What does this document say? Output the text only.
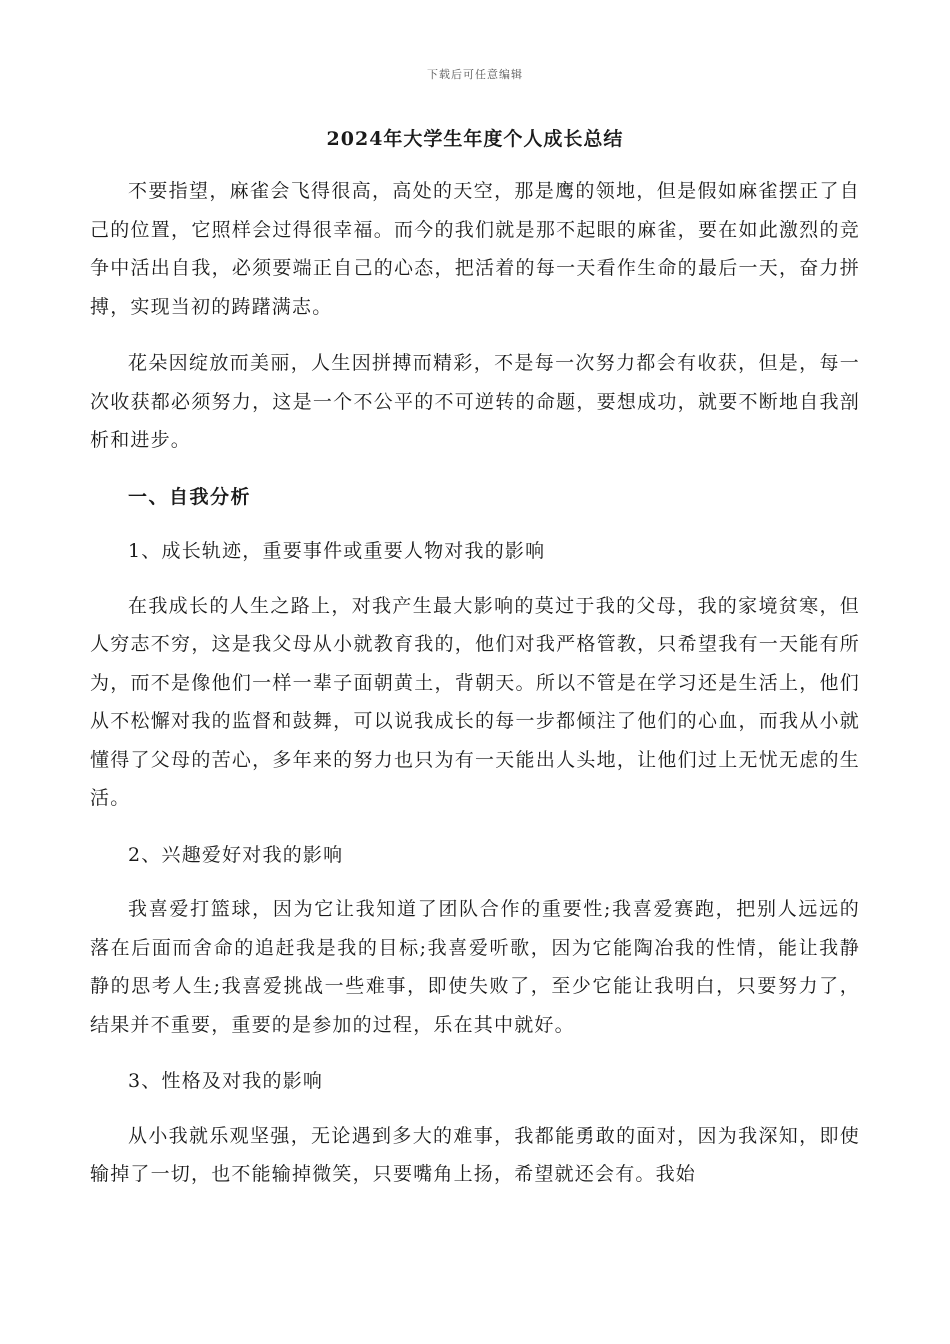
下载后可任意编辑
2024年大学生年度个人成长总结

不要指望，麻雀会飞得很高，高处的天空，那是鹰的领地，但是假如麻雀摆正了自己的位置，它照样会过得很幸福。而今的我们就是那不起眼的麻雀，要在如此激烈的竞争中活出自我，必须要端正自己的心态，把活着的每一天看作生命的最后一天，奋力拼搏，实现当初的踌躇满志。

花朵因绽放而美丽，人生因拼搏而精彩，不是每一次努力都会有收获，但是，每一次收获都必须努力，这是一个不公平的不可逆转的命题，要想成功，就要不断地自我剖析和进步。

一、自我分析
1、成长轨迹，重要事件或重要人物对我的影响

在我成长的人生之路上，对我产生最大影响的莫过于我的父母，我的家境贫寒，但人穷志不穷，这是我父母从小就教育我的，他们对我严格管教，只希望我有一天能有所为，而不是像他们一样一辈子面朝黄土，背朝天。所以不管是在学习还是生活上，他们从不松懈对我的监督和鼓舞，可以说我成长的每一步都倾注了他们的心血，而我从小就懂得了父母的苦心，多年来的努力也只为有一天能出人头地，让他们过上无忧无虑的生活。

2、兴趣爱好对我的影响

我喜爱打篮球，因为它让我知道了团队合作的重要性;我喜爱赛跑，把别人远远的落在后面而舍命的追赶我是我的目标;我喜爱听歌，因为它能陶冶我的性情，能让我静静的思考人生;我喜爱挑战一些难事，即使失败了，至少它能让我明白，只要努力了，结果并不重要，重要的是参加的过程，乐在其中就好。

3、性格及对我的影响

从小我就乐观坚强，无论遇到多大的难事，我都能勇敢的面对，因为我深知，即使输掉了一切，也不能输掉微笑，只要嘴角上扬，希望就还会有。我始
